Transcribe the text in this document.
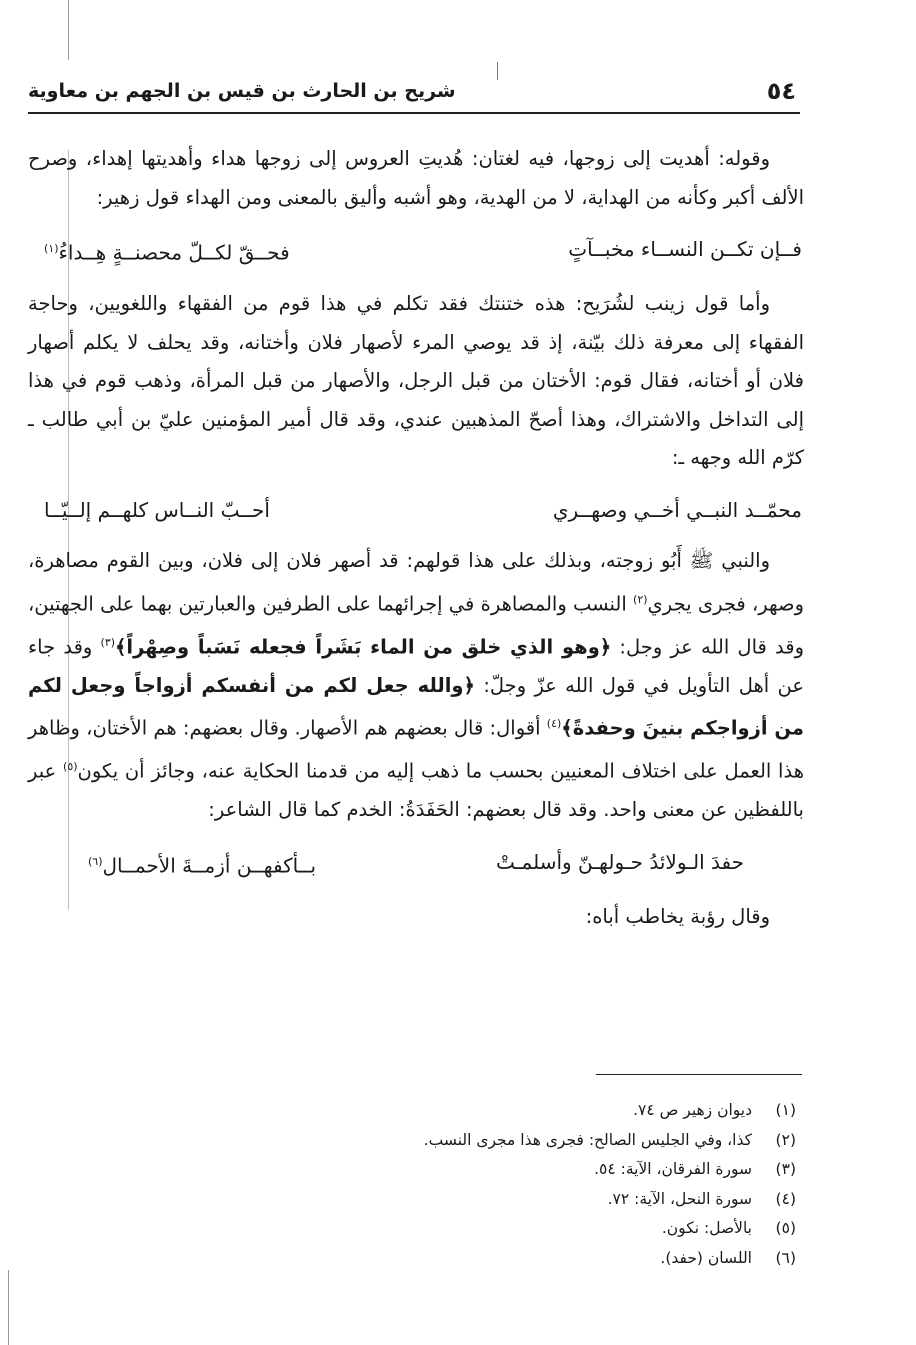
٥٤
شريح بن الحارث بن قيس بن الجهم بن معاوية

وقوله: أهديت إلى زوجها، فيه لغتان: هُديتِ العروس إلى زوجها هداء وأهديتها إهداء، وصرح الألف أكبر وكأنه من الهداية، لا من الهدية، وهو أشبه وأليق بالمعنى ومن الهداء قول زهير:

فــإن تكــن النســاء مخبــآتٍ
فحــقّ لكــلّ محصنــةٍ هِــداءُ$^{(١)}$

وأما قول زينب لشُرَيح: هذه ختنتك فقد تكلم في هذا قوم من الفقهاء واللغويين، وحاجة الفقهاء إلى معرفة ذلك بيّنة، إذ قد يوصي المرء لأصهار فلان وأختانه، وقد يحلف لا يكلم أصهار فلان أو أختانه، فقال قوم: الأختان من قبل الرجل، والأصهار من قبل المرأة، وذهب قوم في هذا إلى التداخل والاشتراك، وهذا أصحّ المذهبين عندي، وقد قال أمير المؤمنين عليّ بن أبي طالب ـ كرّم الله وجهه ـ:

محمّــد النبــي أخــي وصهــري
أحــبّ النــاس كلهــم إلــيّــا

والنبي ﷺ أَبُو زوجته، وبذلك على هذا قولهم: قد أصهر فلان إلى فلان، وبين القوم مصاهرة، وصهر، فجرى يجري$^{(٢)}$ النسب والمصاهرة في إجرائهما على الطرفين والعبارتين بهما على الجهتين، وقد قال الله عز وجل: ﴿وهو الذي خلق من الماء بَشَراً فجعله نَسَباً وصِهْراً﴾$^{(٣)}$ وقد جاء عن أهل التأويل في قول الله عزّ وجلّ: ﴿والله جعل لكم من أنفسكم أزواجاً وجعل لكم من أزواجكم بنينَ وحفدةً﴾$^{(٤)}$ أقوال: قال بعضهم هم الأصهار. وقال بعضهم: هم الأختان، وظاهر هذا العمل على اختلاف المعنيين بحسب ما ذهب إليه من قدمنا الحكاية عنه، وجائز أن يكون$^{(٥)}$ عبر باللفظين عن معنى واحد. وقد قال بعضهم: الحَفَدَةُ: الخدم كما قال الشاعر:

حفدَ الـولائدُ حـولهـنّ وأسلمـتْ
بــأكفهــن أزمــةَ الأحمــال$^{(٦)}$

وقال رؤبة يخاطب أباه:

(١)
ديوان زهير ص ٧٤.
(٢)
كذا، وفي الجليس الصالح: فجرى هذا مجرى النسب.
(٣)
سورة الفرقان، الآية: ٥٤.
(٤)
سورة النحل، الآية: ٧٢.
(٥)
بالأصل: نكون.
(٦)
اللسان (حفد).
